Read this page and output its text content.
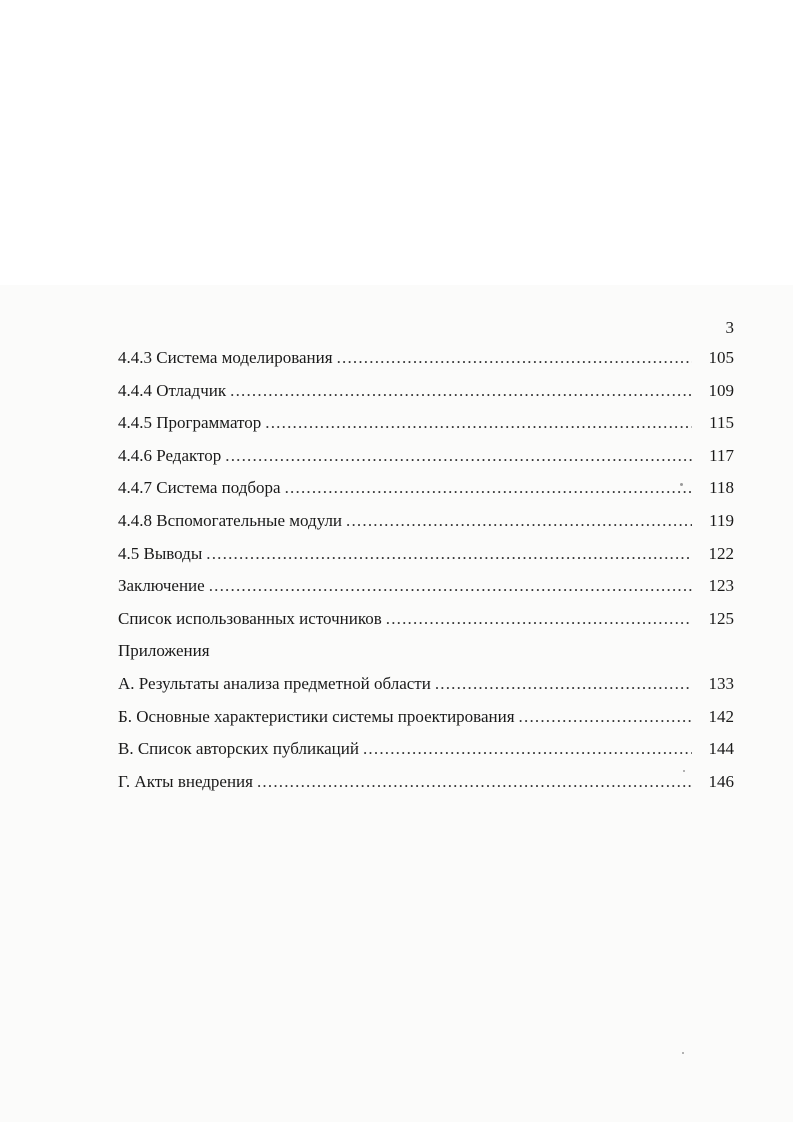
3
4.4.3 Система моделирования .....	105
4.4.4 Отладчик .....	109
4.4.5 Программатор .....	115
4.4.6 Редактор .....	117
4.4.7 Система подбора .....	118
4.4.8 Вспомогательные модули .....	119
4.5 Выводы .....	122
Заключение .....	123
Список использованных источников .....	125
Приложения
А. Результаты анализа предметной области .....	133
Б. Основные характеристики системы проектирования .....	142
В. Список авторских публикаций .....	144
Г. Акты внедрения .....	146
